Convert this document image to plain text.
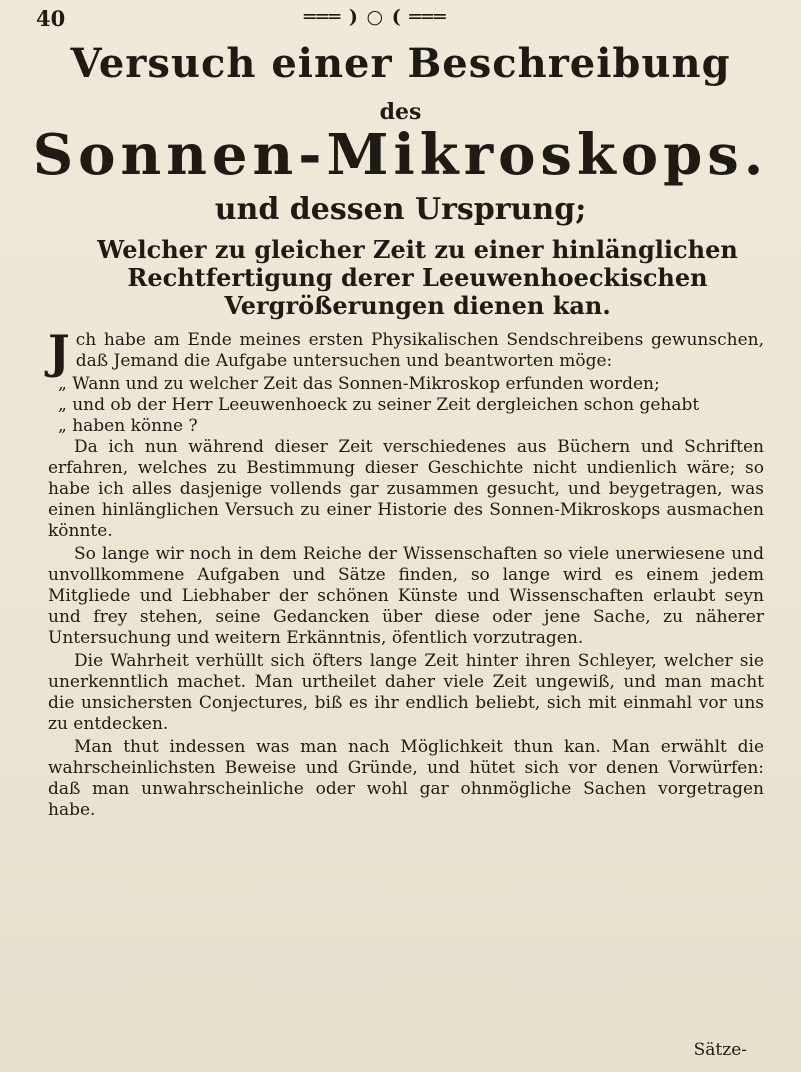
40	═══ ) ○ ( ═══
Versuch einer Beschreibung
des
Sonnen-Mikroskops.
und dessen Ursprung;
Welcher zu gleicher Zeit zu einer hinlänglichen Rechtfertigung derer Leeuwenhoeckischen Vergrößerungen dienen kan.

J ch habe am Ende meines ersten Physikalischen Sendschreibens gewunschen, daß Jemand die Aufgabe untersuchen und beantworten möge:

„ Wann und zu welcher Zeit das Sonnen-Mikroskop erfunden worden;
„ und ob der Herr Leeuwenhoeck zu seiner Zeit dergleichen schon gehabt
„ haben könne ?

Da ich nun während dieser Zeit verschiedenes aus Büchern und Schriften erfahren, welches zu Bestimmung dieser Geschichte nicht undienlich wäre; so habe ich alles dasjenige vollends gar zusammen gesucht, und beygetragen, was einen hinlänglichen Versuch zu einer Historie des Sonnen-Mikroskops ausmachen könnte.

So lange wir noch in dem Reiche der Wissenschaften so viele unerwiesene und unvollkommene Aufgaben und Sätze finden, so lange wird es einem jedem Mitgliede und Liebhaber der schönen Künste und Wissenschaften erlaubt seyn und frey stehen, seine Gedancken über diese oder jene Sache, zu näherer Untersuchung und weitern Erkänntnis, öfentlich vorzutragen.

Die Wahrheit verhüllt sich öfters lange Zeit hinter ihren Schleyer, welcher sie unerkenntlich machet. Man urtheilet daher viele Zeit ungewiß, und man macht die unsichersten Conjectures, biß es ihr endlich beliebt, sich mit einmahl vor uns zu entdecken.

Man thut indessen was man nach Möglichkeit thun kan. Man erwählt die wahrscheinlichsten Beweise und Gründe, und hütet sich vor denen Vorwürfen: daß man unwahrscheinliche oder wohl gar ohnmögliche Sachen vorgetragen habe.

Sätze-
